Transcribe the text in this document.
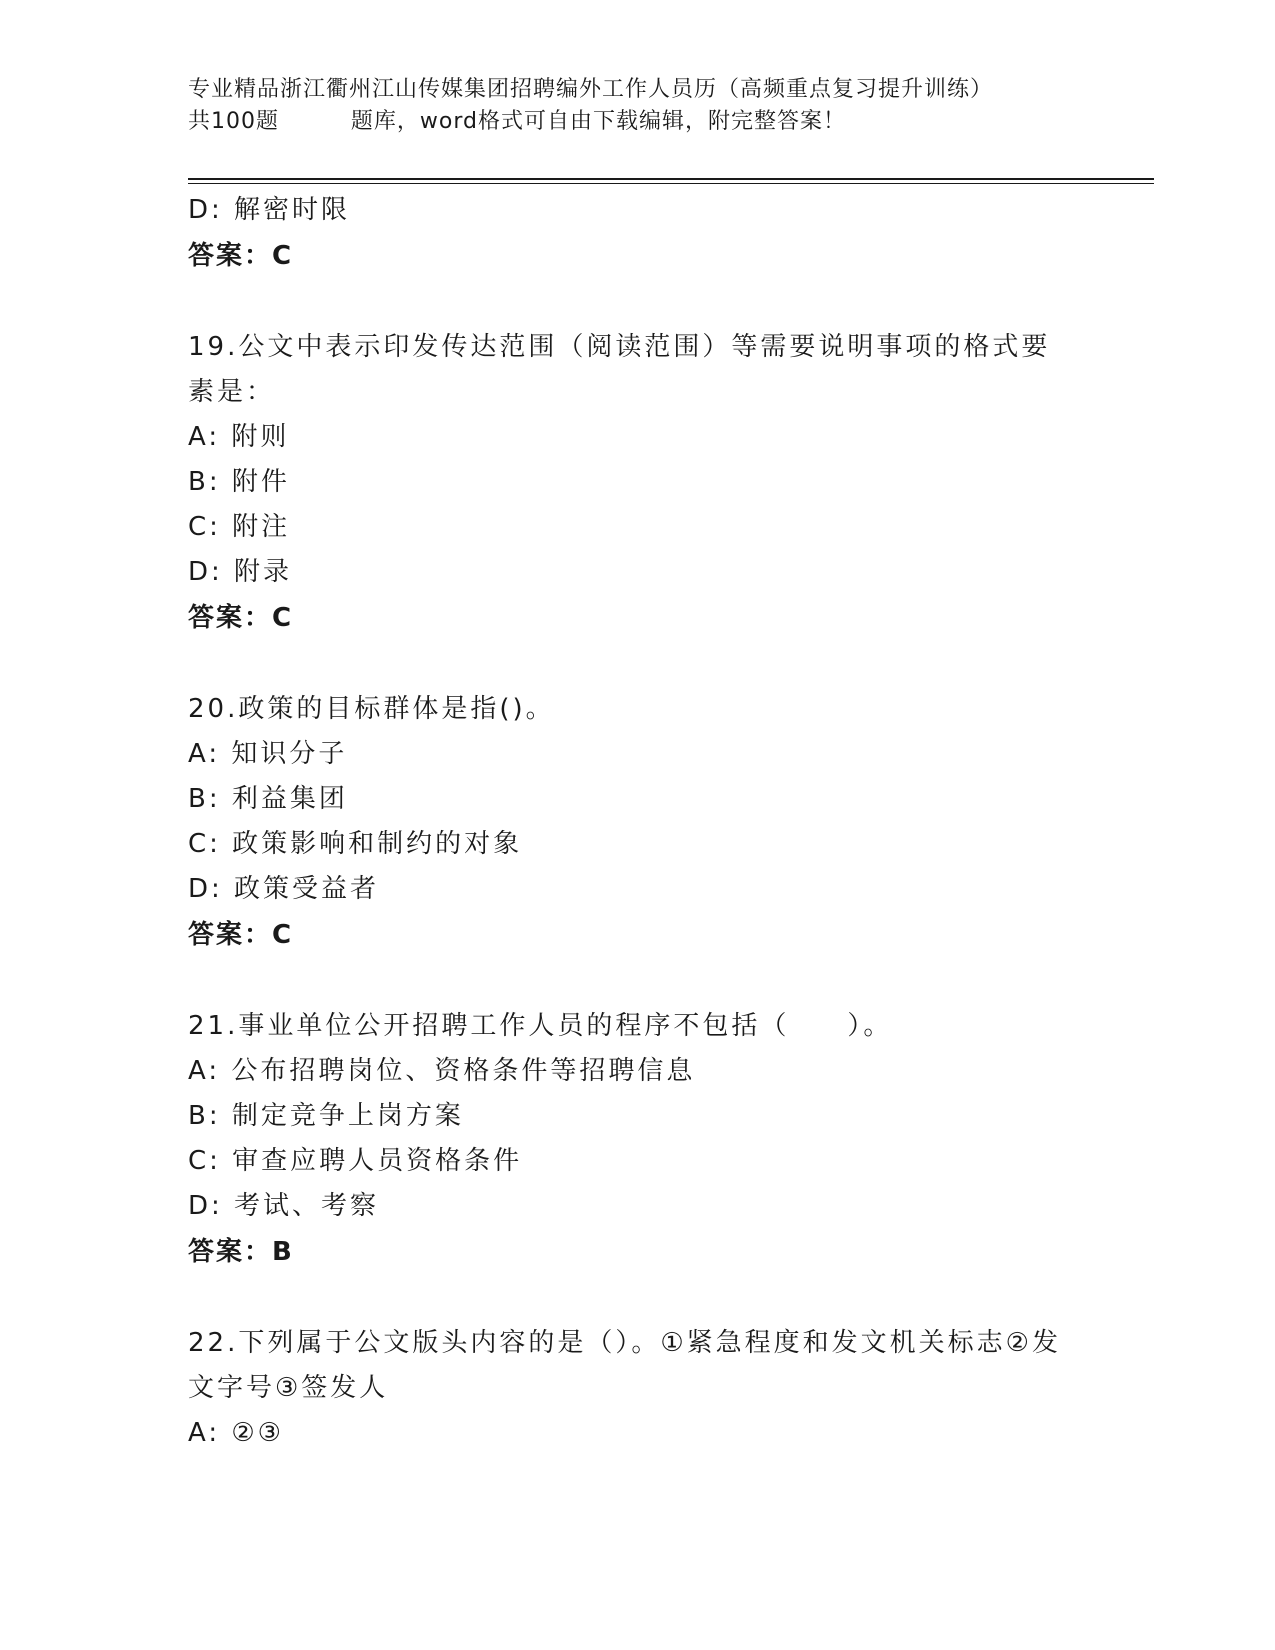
专业精品浙江衢州江山传媒集团招聘编外工作人员历（高频重点复习提升训练）
共100题         题库，word格式可自由下载编辑，附完整答案！
D: 解密时限
答案：C
19.公文中表示印发传达范围（阅读范围）等需要说明事项的格式要素是：
A: 附则
B: 附件
C: 附注
D: 附录
答案：C
20.政策的目标群体是指()。
A: 知识分子
B: 利益集团
C: 政策影响和制约的对象
D: 政策受益者
答案：C
21.事业单位公开招聘工作人员的程序不包括（　　）。
A: 公布招聘岗位、资格条件等招聘信息
B: 制定竞争上岗方案
C: 审查应聘人员资格条件
D: 考试、考察
答案：B
22.下列属于公文版头内容的是（）。①紧急程度和发文机关标志②发文字号③签发人
A: ②③
